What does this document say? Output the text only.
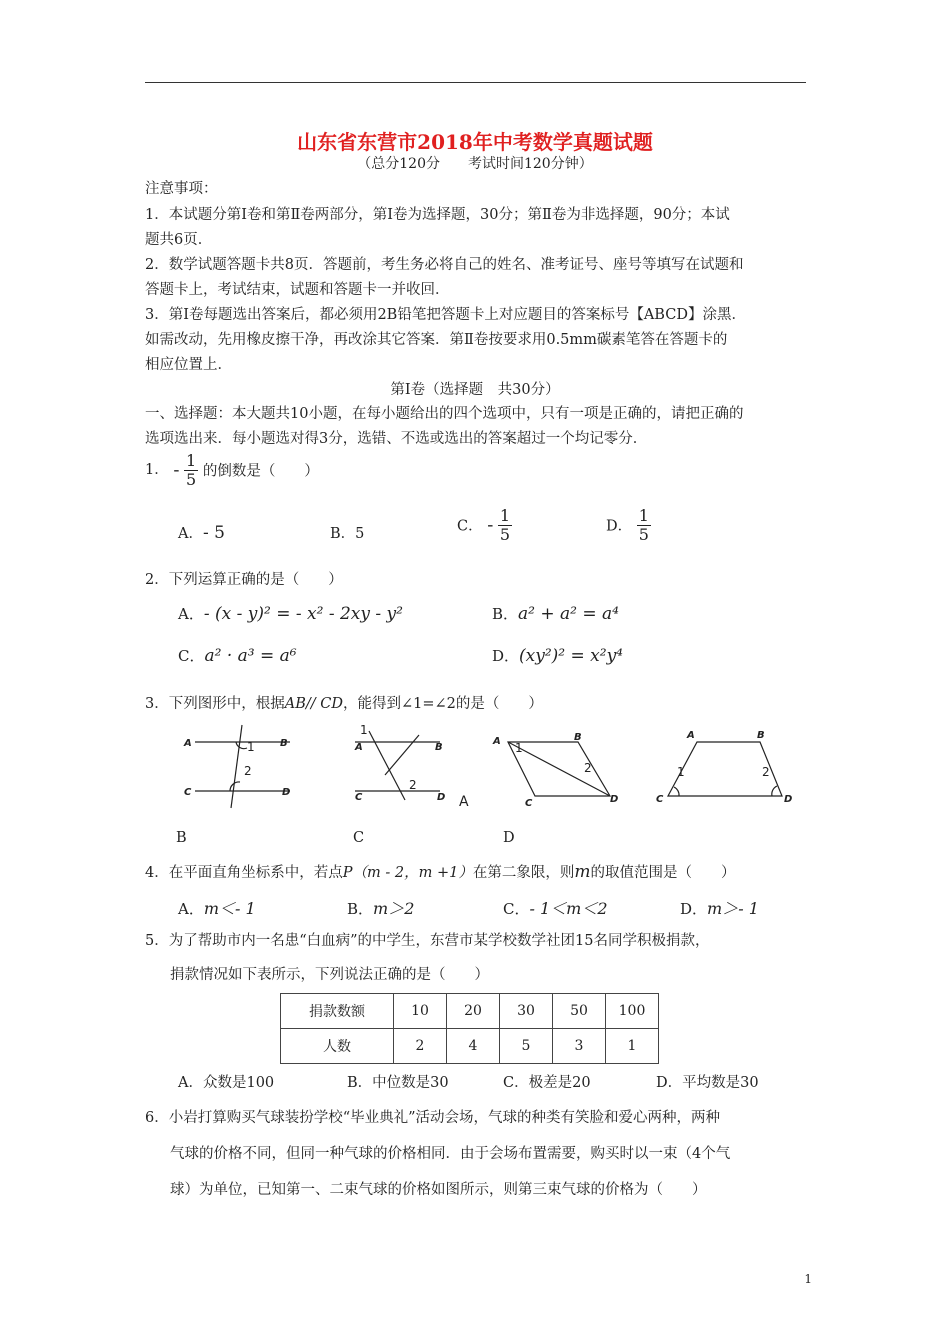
山东省东营市2018年中考数学真题试题
（总分120分　　考试时间120分钟）
注意事项：
1．本试题分第Ⅰ卷和第Ⅱ卷两部分，第Ⅰ卷为选择题，30分；第Ⅱ卷为非选择题，90分；本试
题共6页．
2．数学试题答题卡共8页．答题前，考生务必将自己的姓名、准考证号、座号等填写在试题和
答题卡上，考试结束，试题和答题卡一并收回．
3．第Ⅰ卷每题选出答案后，都必须用2B铅笔把答题卡上对应题目的答案标号【ABCD】涂黑．
如需改动，先用橡皮擦干净，再改涂其它答案．第Ⅱ卷按要求用0.5mm碳素笔答在答题卡的
相应位置上．
第Ⅰ卷（选择题　共30分）
一、选择题：本大题共10小题，在每小题给出的四个选项中，只有一项是正确的，请把正确的
选项选出来．每小题选对得3分，选错、不选或选出的答案超过一个均记零分．
1． - $\frac{1}{5}$ 的倒数是（　　）
A．- 5	B．5	C． - $\frac{1}{5}$	D． $\frac{1}{5}$
2．下列运算正确的是（　　）
A．- (x - y)² = - x² - 2xy - y²	B．a² + a² = a⁴
C．a² · a³ = a⁶	D．(xy²)² = x²y⁴
3．下列图形中，根据AB// CD，能得到∠1=∠2的是（　　）
A	B
C	D
A	B
C	D
A	B
C	D
A	B
C	D
1
2
1
2
1
2	1	2
A
B	C	D
4．在平面直角坐标系中，若点P（m - 2，m +1）在第二象限，则m的取值范围是（　　）
A．m＜- 1	B．m＞2	C．- 1＜m＜2	D．m＞- 1
5．为了帮助市内一名患“白血病”的中学生，东营市某学校数学社团15名同学积极捐款，
捐款情况如下表所示，下列说法正确的是（　　）
捐款数额	10	20	30	50	100
人数	2	4	5	3	1
A．众数是100	B．中位数是30	C．极差是20	D．平均数是30
6．小岩打算购买气球装扮学校“毕业典礼”活动会场，气球的种类有笑脸和爱心两种，两种
气球的价格不同，但同一种气球的价格相同．由于会场布置需要，购买时以一束（4个气
球）为单位，已知第一、二束气球的价格如图所示，则第三束气球的价格为（　　）
1
